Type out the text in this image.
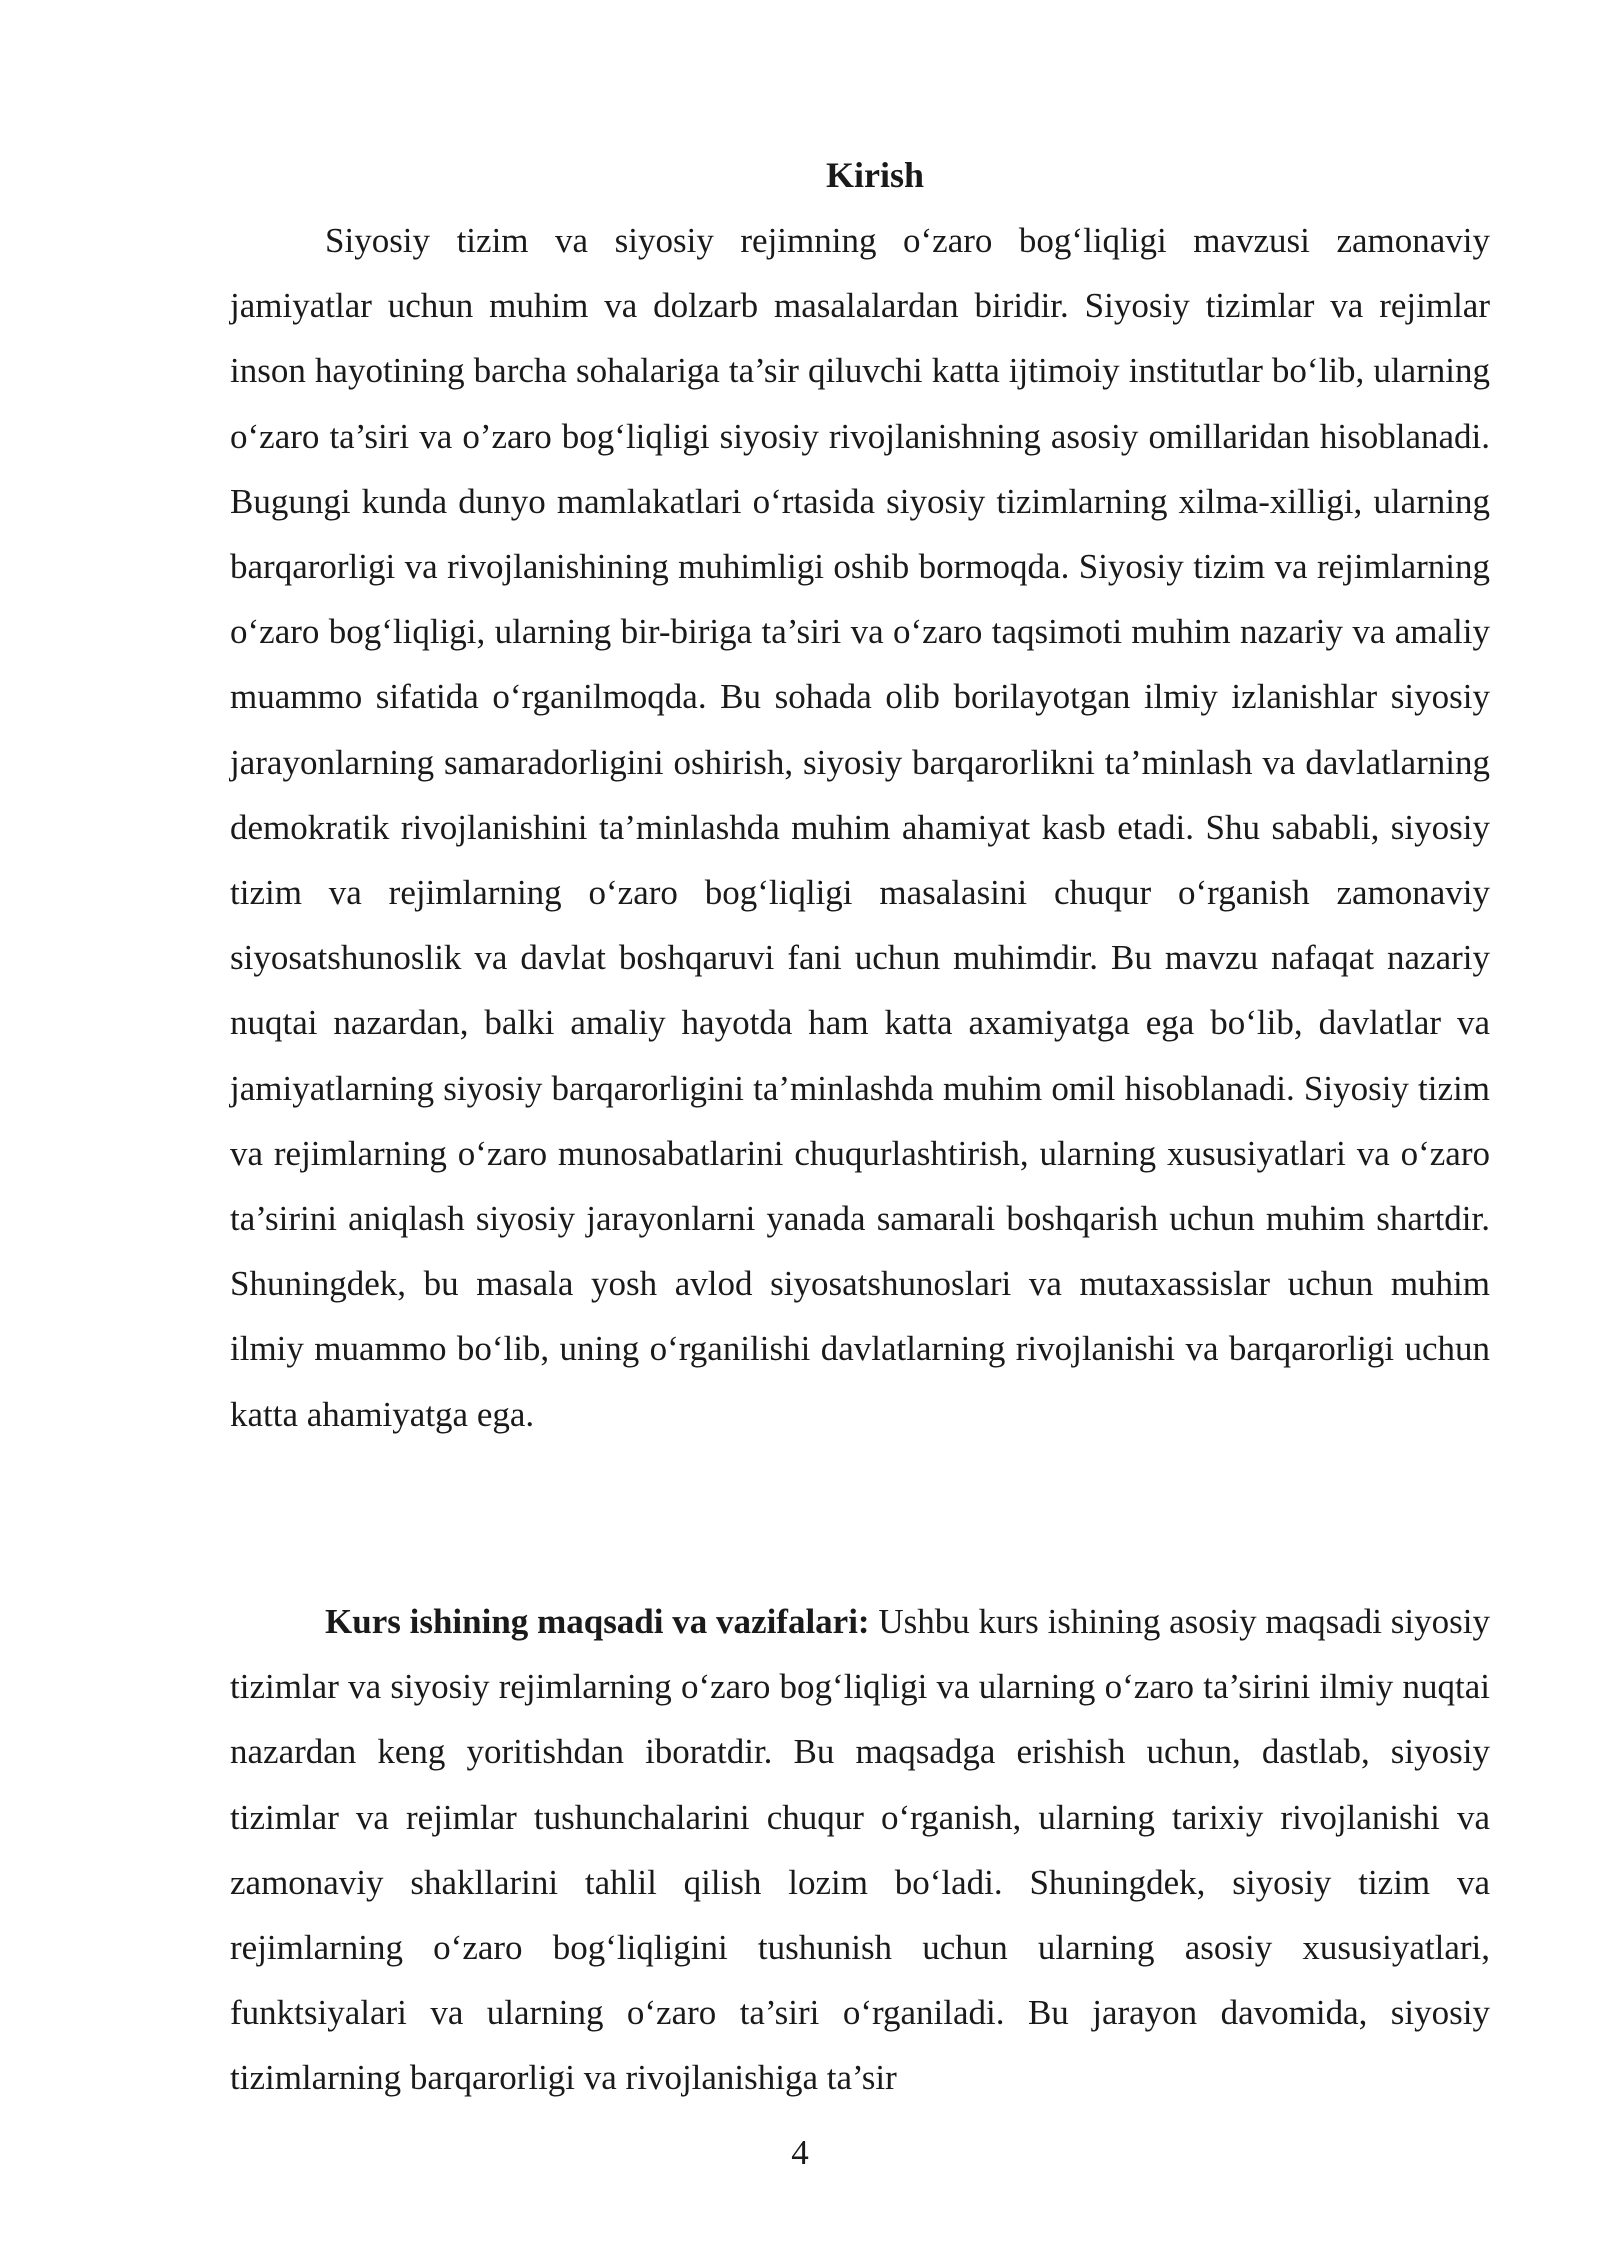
Kirish

Siyosiy tizim va siyosiy rejimning o‘zaro bog‘liqligi mavzusi zamonaviy jamiyatlar uchun muhim va dolzarb masalalardan biridir. Siyosiy tizimlar va rejimlar inson hayotining barcha sohalariga ta’sir qiluvchi katta ijtimoiy institutlar bo‘lib, ularning o‘zaro ta’siri va o’zaro bog‘liqligi siyosiy rivojlanishning asosiy omillaridan hisoblanadi. Bugungi kunda dunyo mamlakatlari o‘rtasida siyosiy tizimlarning xilma-xilligi, ularning barqarorligi va rivojlanishining muhimligi oshib bormoqda. Siyosiy tizim va rejimlarning o‘zaro bog‘liqligi, ularning bir-biriga ta’siri va o‘zaro taqsimoti muhim nazariy va amaliy muammo sifatida o‘rganilmoqda. Bu sohada olib borilayotgan ilmiy izlanishlar siyosiy jarayonlarning samaradorligini oshirish, siyosiy barqarorlikni ta’minlash va davlatlarning demokratik rivojlanishini ta’minlashda muhim ahamiyat kasb etadi. Shu sababli, siyosiy tizim va rejimlarning o‘zaro bog‘liqligi masalasini chuqur o‘rganish zamonaviy siyosatshunoslik va davlat boshqaruvi fani uchun muhimdir. Bu mavzu nafaqat nazariy nuqtai nazardan, balki amaliy hayotda ham katta axamiyatga ega bo‘lib, davlatlar va jamiyatlarning siyosiy barqarorligini ta’minlashda muhim omil hisoblanadi. Siyosiy tizim va rejimlarning o‘zaro munosabatlarini chuqurlashtirish, ularning xususiyatlari va o‘zaro ta’sirini aniqlash siyosiy jarayonlarni yanada samarali boshqarish uchun muhim shartdir. Shuningdek, bu masala yosh avlod siyosatshunoslari va mutaxassislar uchun muhim ilmiy muammo bo‘lib, uning o‘rganilishi davlatlarning rivojlanishi va barqarorligi uchun katta ahamiyatga ega.

Kurs ishining maqsadi va vazifalari: Ushbu kurs ishining asosiy maqsadi siyosiy tizimlar va siyosiy rejimlarning o‘zaro bog‘liqligi va ularning o‘zaro ta’sirini ilmiy nuqtai nazardan keng yoritishdan iboratdir. Bu maqsadga erishish uchun, dastlab, siyosiy tizimlar va rejimlar tushunchalarini chuqur o‘rganish, ularning tarixiy rivojlanishi va zamonaviy shakllarini tahlil qilish lozim bo‘ladi. Shuningdek, siyosiy tizim va rejimlarning o‘zaro bog‘liqligini tushunish uchun ularning asosiy xususiyatlari, funktsiyalari va ularning o‘zaro ta’siri o‘rganiladi. Bu jarayon davomida, siyosiy tizimlarning barqarorligi va rivojlanishiga ta’sir

4
